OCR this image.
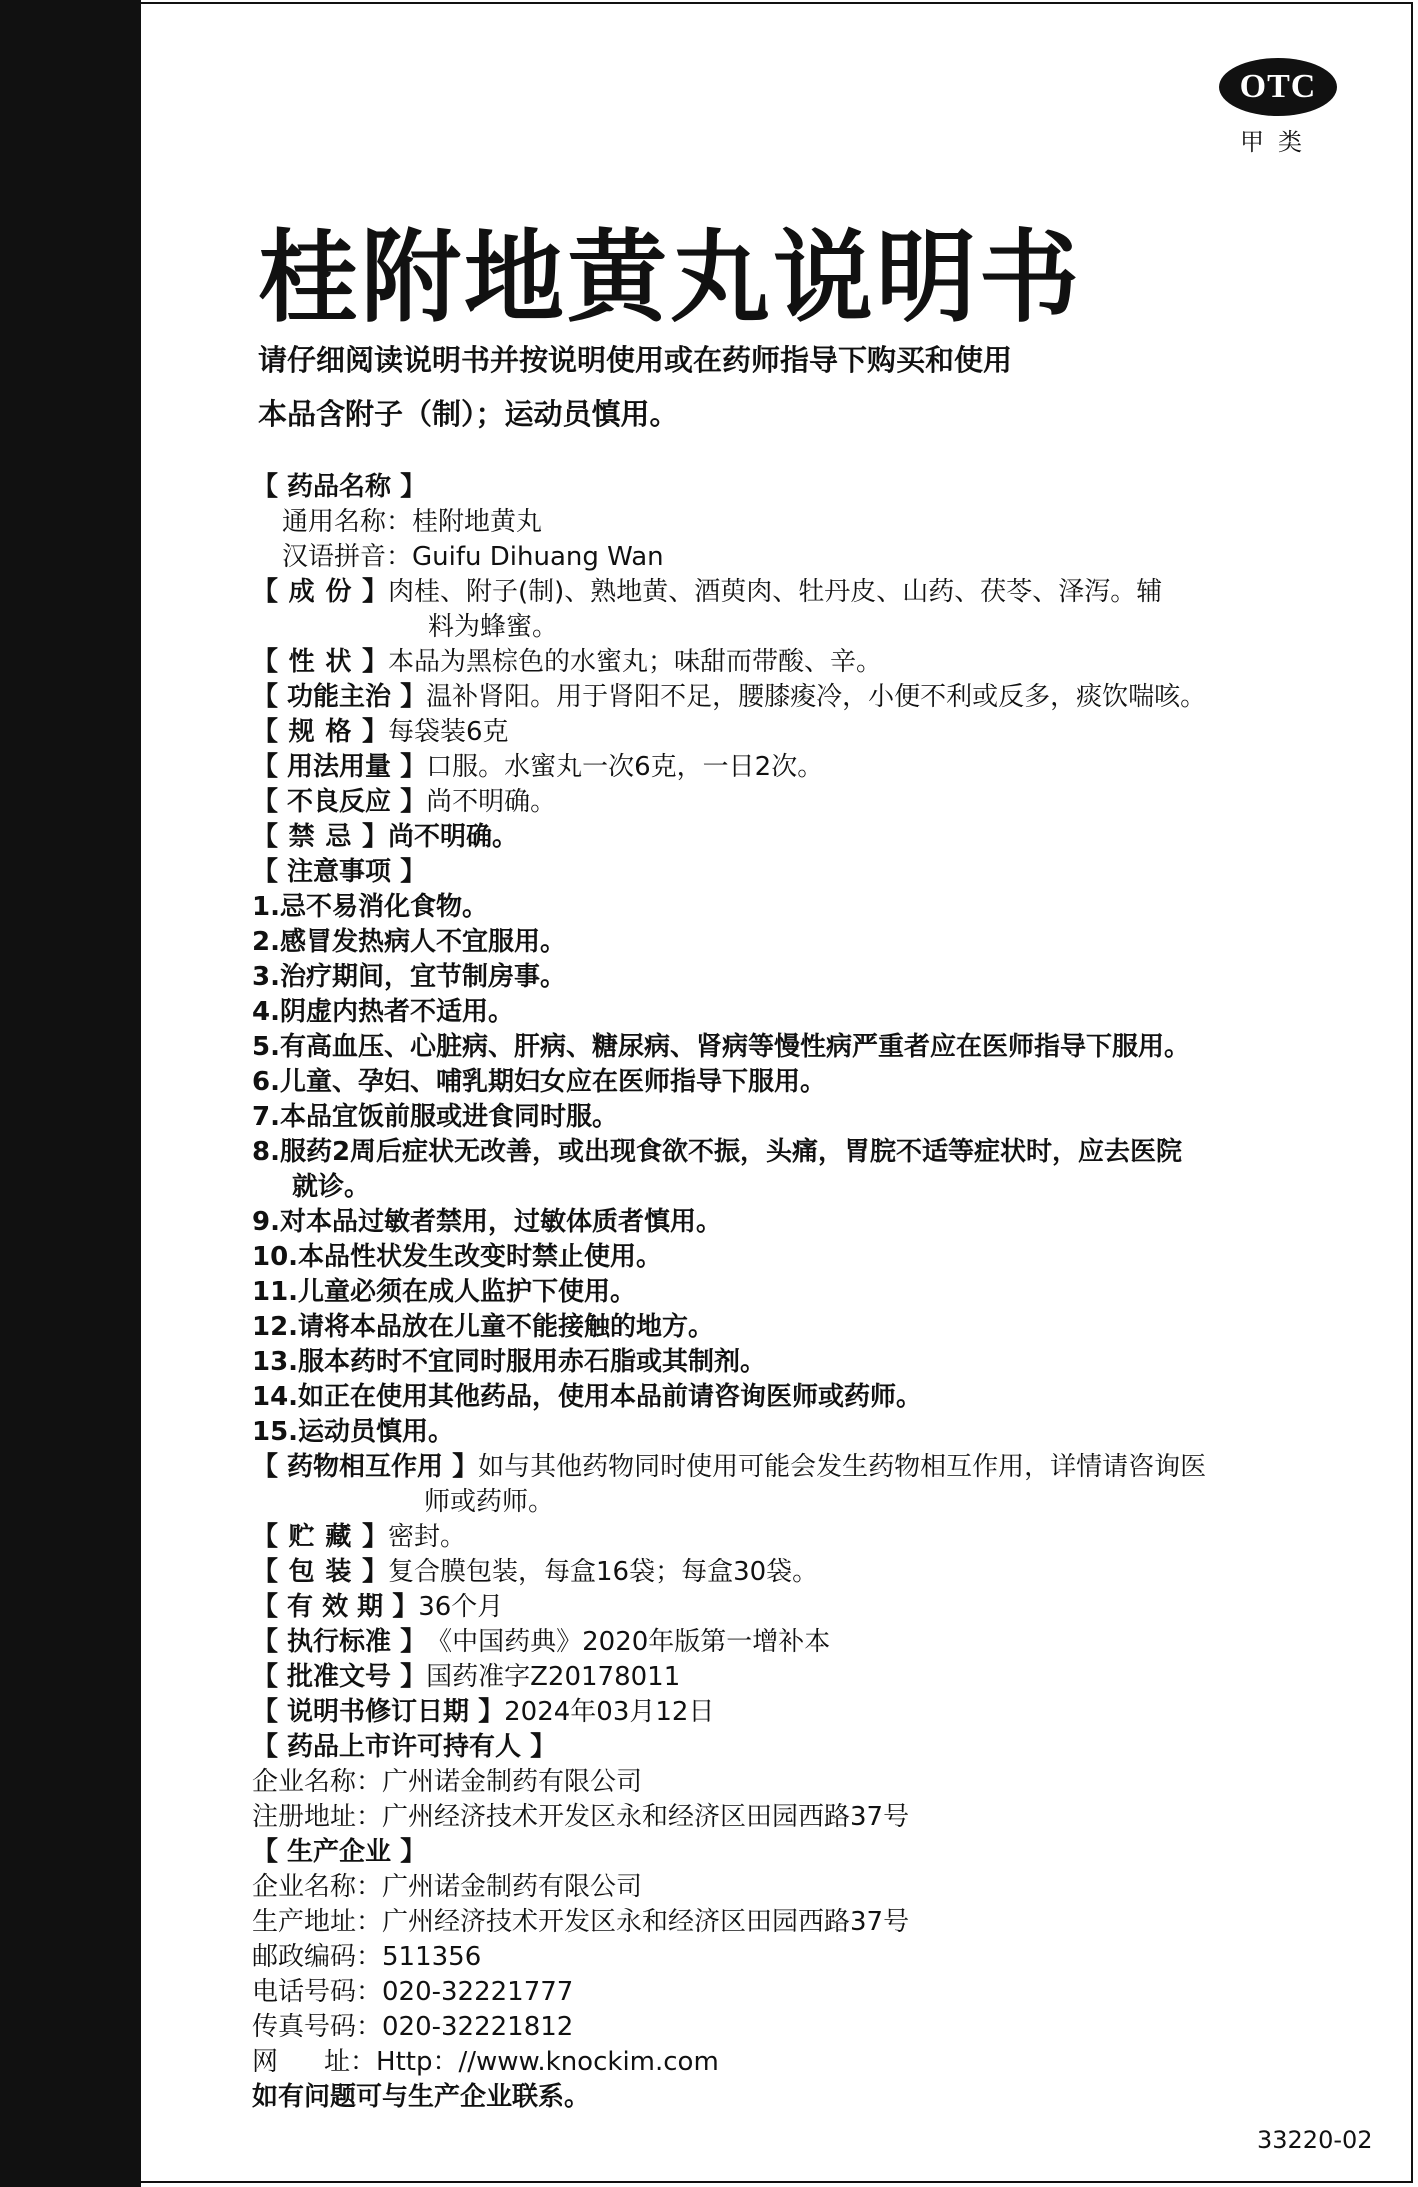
OTC
甲类
桂附地黄丸说明书
请仔细阅读说明书并按说明使用或在药师指导下购买和使用
本品含附子（制）；运动员慎用。
【 药品名称 】
通用名称：桂附地黄丸
汉语拼音：Guifu Dihuang Wan
【 成 份 】 肉桂、附子(制)、熟地黄、酒萸肉、牡丹皮、山药、茯苓、泽泻。辅
料为蜂蜜。
【 性 状 】 本品为黑棕色的水蜜丸；味甜而带酸、辛。
【 功能主治 】温补肾阳。用于肾阳不足，腰膝痠冷，小便不利或反多，痰饮喘咳。
【 规 格 】 每袋装6克
【 用法用量 】口服。水蜜丸一次6克，一日2次。
【 不良反应 】尚不明确。
【 禁 忌 】 尚不明确。
【 注意事项 】
1.忌不易消化食物。
2.感冒发热病人不宜服用。
3.治疗期间，宜节制房事。
4.阴虚内热者不适用。
5.有高血压、心脏病、肝病、糖尿病、肾病等慢性病严重者应在医师指导下服用。
6.儿童、孕妇、哺乳期妇女应在医师指导下服用。
7.本品宜饭前服或进食同时服。
8.服药2周后症状无改善，或出现食欲不振，头痛，胃脘不适等症状时，应去医院
就诊。
9.对本品过敏者禁用，过敏体质者慎用。
10.本品性状发生改变时禁止使用。
11.儿童必须在成人监护下使用。
12.请将本品放在儿童不能接触的地方。
13.服本药时不宜同时服用赤石脂或其制剂。
14.如正在使用其他药品，使用本品前请咨询医师或药师。
15.运动员慎用。
【 药物相互作用 】如与其他药物同时使用可能会发生药物相互作用，详情请咨询医
师或药师。
【 贮 藏 】 密封。
【 包 装 】 复合膜包装，每盒16袋；每盒30袋。
【 有 效 期 】36个月
【 执行标准 】《中国药典》2020年版第一增补本
【 批准文号 】国药准字Z20178011
【 说明书修订日期 】2024年03月12日
【 药品上市许可持有人 】
企业名称：广州诺金制药有限公司
注册地址：广州经济技术开发区永和经济区田园西路37号
【 生产企业 】
企业名称：广州诺金制药有限公司
生产地址：广州经济技术开发区永和经济区田园西路37号
邮政编码：511356
电话号码：020-32221777
传真号码：020-32221812
网 址：Http：//www.knockim.com
如有问题可与生产企业联系。
33220-02
